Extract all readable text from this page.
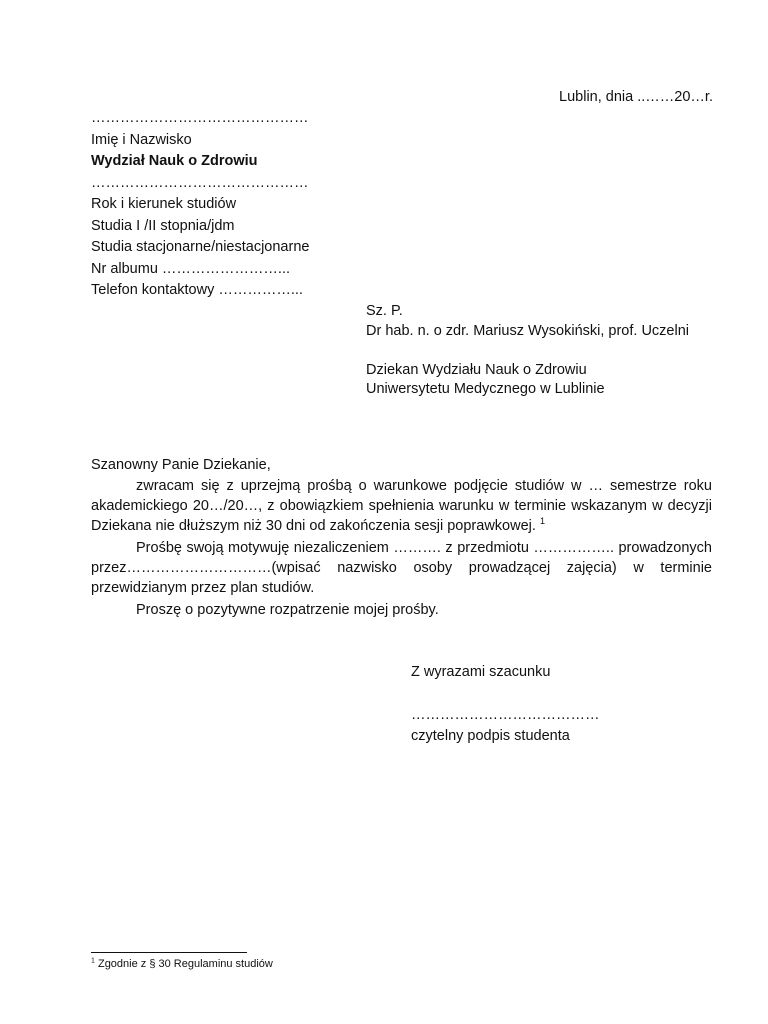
Lublin, dnia ..……20…r.
………………………………………
Imię i Nazwisko
Wydział Nauk o Zdrowiu
………………………………………
Rok i kierunek studiów
Studia I /II stopnia/jdm
Studia stacjonarne/niestacjonarne
Nr albumu ……………………...
Telefon kontaktowy ……………...
Sz. P.
Dr hab. n. o zdr. Mariusz Wysokiński, prof. Uczelni
Dziekan Wydziału Nauk o Zdrowiu
Uniwersytetu Medycznego w Lublinie
Szanowny Panie Dziekanie,

zwracam się z uprzejmą prośbą o warunkowe podjęcie studiów w … semestrze roku akademickiego 20…/20…, z obowiązkiem spełnienia warunku w terminie wskazanym w decyzji Dziekana nie dłuższym niż 30 dni od zakończenia sesji poprawkowej. $^1$

Prośbę swoją motywuję niezaliczeniem ………. z przedmiotu …………….. prowadzonych przez…………………………(wpisać nazwisko osoby prowadzącej zajęcia) w terminie przewidzianym przez plan studiów.

Proszę o pozytywne rozpatrzenie mojej prośby.

Z wyrazami szacunku
…………………………………
czytelny podpis studenta
$^1$ Zgodnie z § 30 Regulaminu studiów
